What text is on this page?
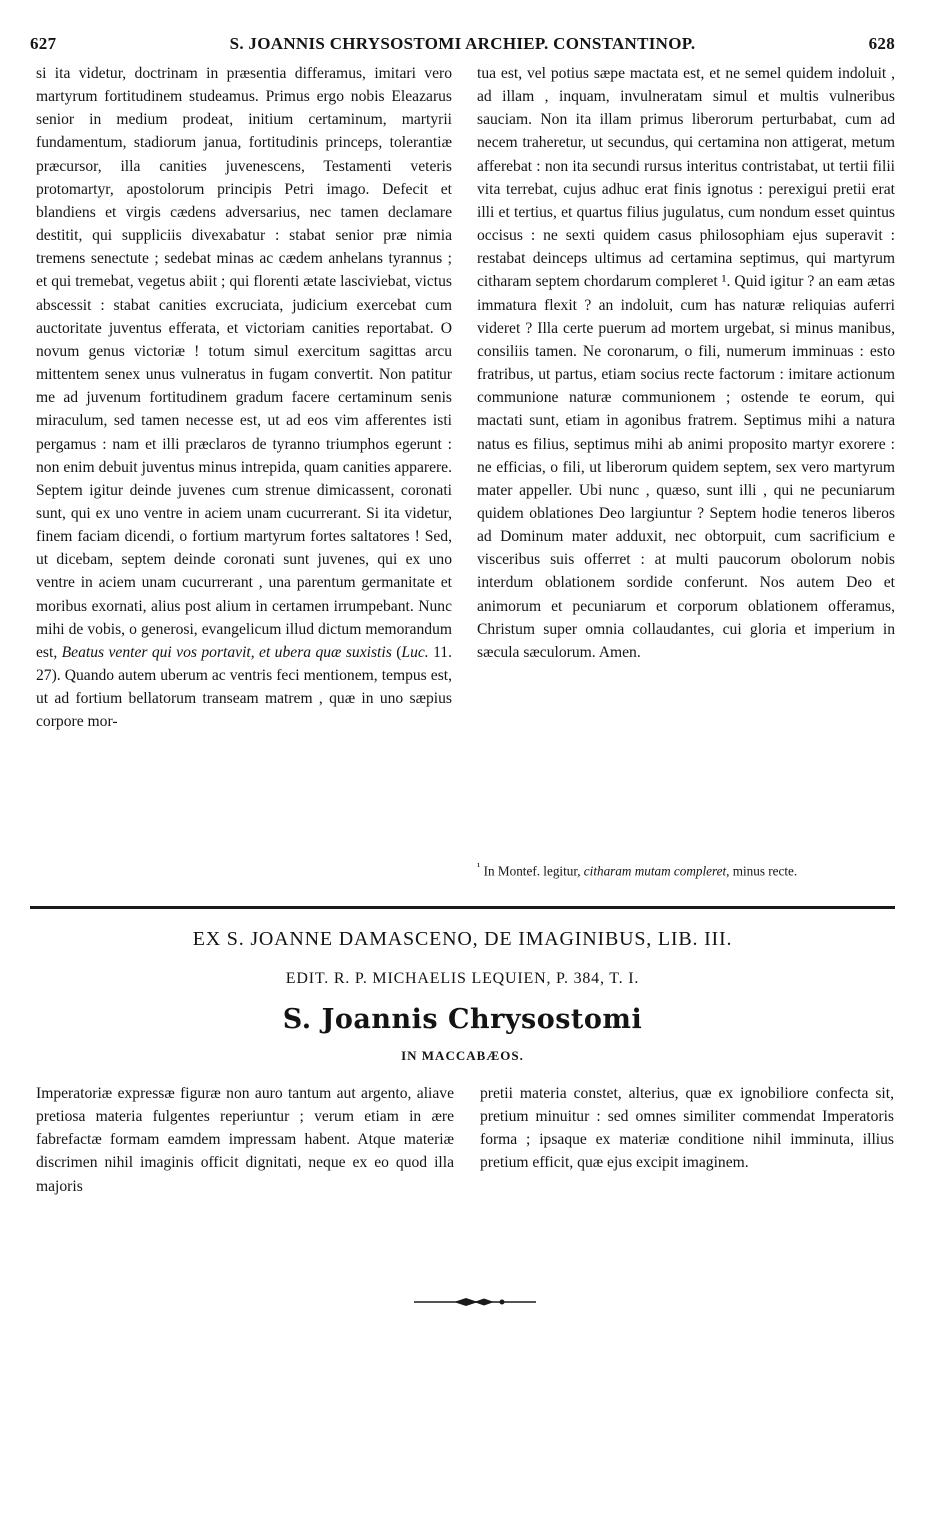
627	S. JOANNIS CHRYSOSTOMI ARCHIEP. CONSTANTINOP.	628

si ita videtur, doctrinam in præsentia differamus, imitari vero martyrum fortitudinem studeamus. Primus ergo nobis Eleazarus senior in medium prodeat, initium certaminum, martyrii fundamentum, stadiorum janua, fortitudinis princeps, tolerantiæ præcursor, illa canities juvenescens, Testamenti veteris protomartyr, apostolorum principis Petri imago. Defecit et blandiens et virgis cædens adversarius, nec tamen declamare destitit, qui suppliciis divexabatur : stabat senior præ nimia tremens senectute ; sedebat minas ac cædem anhelans tyrannus ; et qui tremebat, vegetus abiit ; qui florenti ætate lasciviebat, victus abscessit : stabat canities excruciata, judicium exercebat cum auctoritate juventus efferata, et victoriam canities reportabat. O novum genus victoriæ ! totum simul exercitum sagittas arcu mittentem senex unus vulneratus in fugam convertit. Non patitur me ad juvenum fortitudinem gradum facere certaminum senis miraculum, sed tamen necesse est, ut ad eos vim afferentes isti pergamus : nam et illi præclaros de tyranno triumphos egerunt : non enim debuit juventus minus intrepida, quam canities apparere. Septem igitur deinde juvenes cum strenue dimicassent, coronati sunt, qui ex uno ventre in aciem unam cucurrerant. Si ita videtur, finem faciam dicendi, o fortium martyrum fortes saltatores ! Sed, ut dicebam, septem deinde coronati sunt juvenes, qui ex uno ventre in aciem unam cucurrerant , una parentum germanitate et moribus exornati, alius post alium in certamen irrumpebant. Nunc mihi de vobis, o generosi, evangelicum illud dictum memorandum est, Beatus venter qui vos portavit, et ubera quæ suxistis (Luc. 11. 27). Quando autem uberum ac ventris feci mentionem, tempus est, ut ad fortium bellatorum transeam matrem , quæ in uno sæpius corpore mor-

tua est, vel potius sæpe mactata est, et ne semel quidem indoluit , ad illam , inquam, invulneratam simul et multis vulneribus sauciam. Non ita illam primus liberorum perturbabat, cum ad necem traheretur, ut secundus, qui certamina non attigerat, metum afferebat : non ita secundi rursus interitus contristabat, ut tertii filii vita terrebat, cujus adhuc erat finis ignotus : perexigui pretii erat illi et tertius, et quartus filius jugulatus, cum nondum esset quintus occisus : ne sexti quidem casus philosophiam ejus superavit : restabat deinceps ultimus ad certamina septimus, qui martyrum citharam septem chordarum compleret ¹. Quid igitur ? an eam ætas immatura flexit ? an indoluit, cum has naturæ reliquias auferri videret ? Illa certe puerum ad mortem urgebat, si minus manibus, consiliis tamen. Ne coronarum, o fili, numerum imminuas : esto fratribus, ut partus, etiam socius recte factorum : imitare actionum communione naturæ communionem ; ostende te eorum, qui mactati sunt, etiam in agonibus fratrem. Septimus mihi a natura natus es filius, septimus mihi ab animi proposito martyr exorere : ne efficias, o fili, ut liberorum quidem septem, sex vero martyrum mater appeller. Ubi nunc , quæso, sunt illi , qui ne pecuniarum quidem oblationes Deo largiuntur ? Septem hodie teneros liberos ad Dominum mater adduxit, nec obtorpuit, cum sacrificium e visceribus suis offerret : at multi paucorum obolorum nobis interdum oblationem sordide conferunt. Nos autem Deo et animorum et pecuniarum et corporum oblationem offeramus, Christum super omnia collaudantes, cui gloria et imperium in sæcula sæculorum. Amen.

$^{^1}$ In Montef. legitur, citharam mutam compleret, minus recte.
EX S. JOANNE DAMASCENO, DE IMAGINIBUS, LIB. III.
EDIT. R. P. MICHAELIS LEQUIEN, P. 384, T. I.
S. Joannis Chrysostomi
IN MACCABÆOS.

Imperatoriæ expressæ figuræ non auro tantum aut argento, aliave pretiosa materia fulgentes reperiuntur ; verum etiam in ære fabrefactæ formam eamdem impressam habent. Atque materiæ discrimen nihil imaginis officit dignitati, neque ex eo quod illa majoris

pretii materia constet, alterius, quæ ex ignobiliore confecta sit, pretium minuitur : sed omnes similiter commendat Imperatoris forma ; ipsaque ex materiæ conditione nihil imminuta, illius pretium efficit, quæ ejus excipit imaginem.
